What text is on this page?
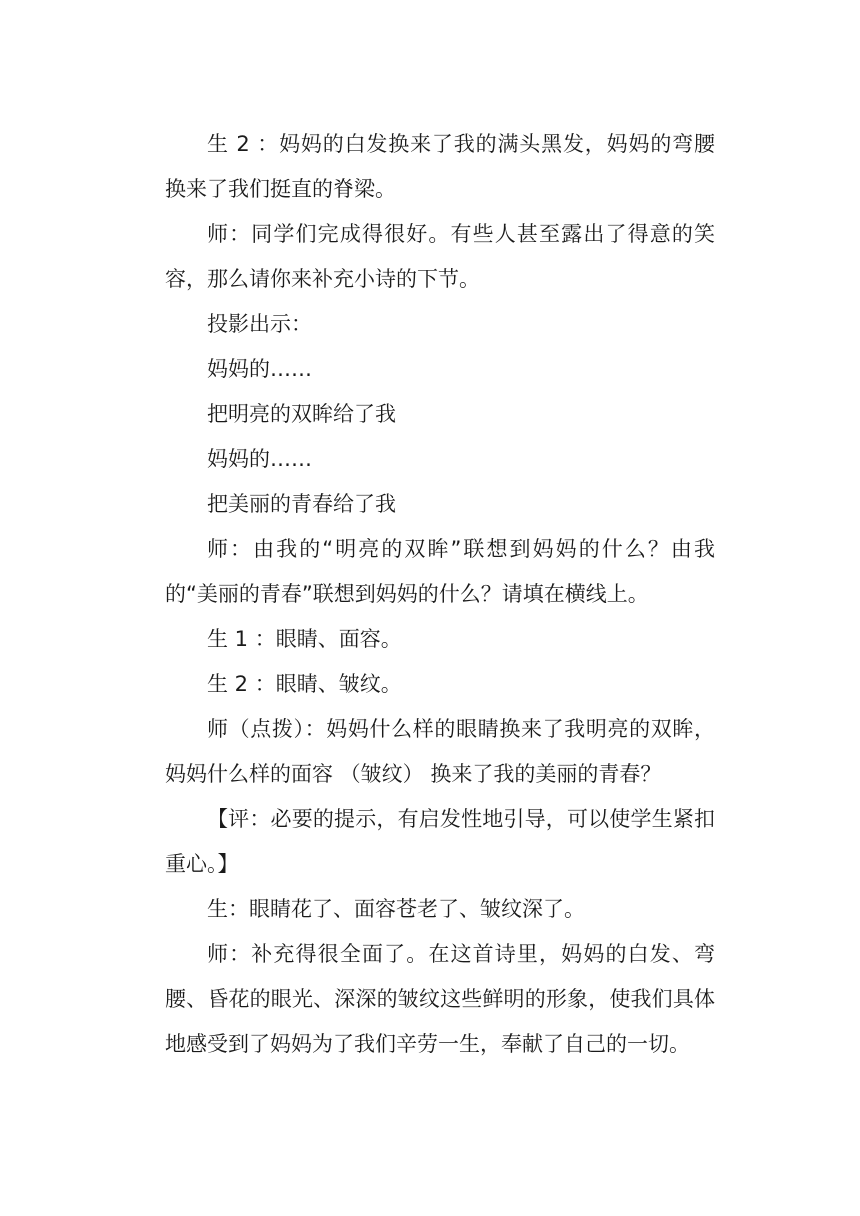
生 2 ：妈妈的白发换来了我的满头黑发，妈妈的弯腰换来了我们挺直的脊梁。

师：同学们完成得很好。有些人甚至露出了得意的笑容，那么请你来补充小诗的下节。

投影出示：

妈妈的……

把明亮的双眸给了我

妈妈的……

把美丽的青春给了我

师：由我的“明亮的双眸”联想到妈妈的什么？由我的“美丽的青春”联想到妈妈的什么？请填在横线上。

生 1 ：眼睛、面容。

生 2 ：眼睛、皱纹。

师（点拨）：妈妈什么样的眼睛换来了我明亮的双眸，妈妈什么样的面容 （皱纹） 换来了我的美丽的青春？

【评：必要的提示，有启发性地引导，可以使学生紧扣重心。】

生：眼睛花了、面容苍老了、皱纹深了。

师：补充得很全面了。在这首诗里，妈妈的白发、弯腰、昏花的眼光、深深的皱纹这些鲜明的形象，使我们具体地感受到了妈妈为了我们辛劳一生，奉献了自己的一切。
